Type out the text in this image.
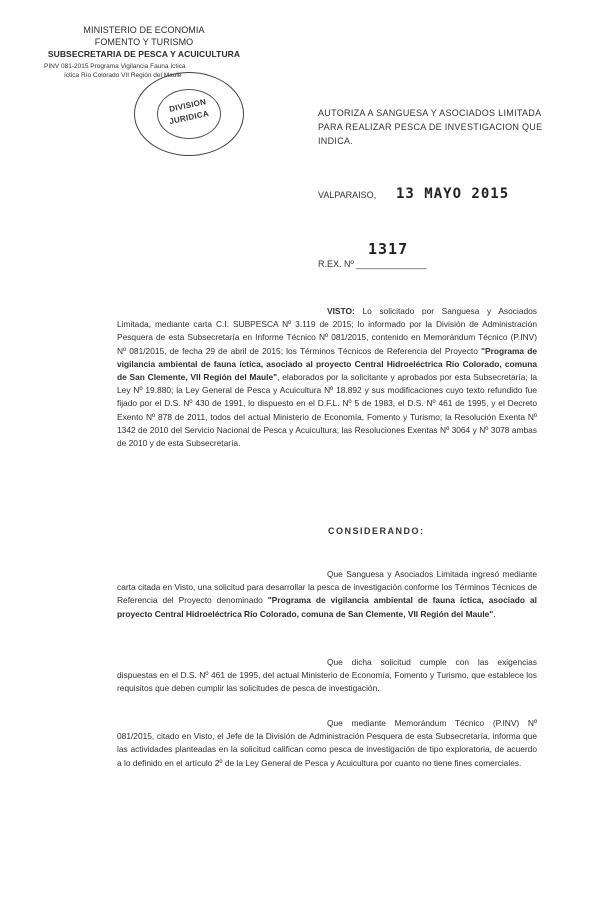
MINISTERIO DE ECONOMIA
FOMENTO Y TURISMO
SUBSECRETARIA DE PESCA Y ACUICULTURA
PINV 081-2015 Programa Vigilancia Fauna íctica
íctica Río Colorado VII Región del Maule
DIVISION
JURIDICA	AUTORIZA A SANGUESA Y ASOCIADOS LIMITADA PARA REALIZAR PESCA DE INVESTIGACION QUE INDICA.
VALPARAISO, 13 MAYO 2015
1317
R.EX. Nº ______________
VISTO: Lo solicitado por Sanguesa y Asociados Limitada, mediante carta C.I. SUBPESCA Nº 3.119 de 2015; lo informado por la División de Administración Pesquera de esta Subsecretaría en Informe Técnico Nº 081/2015, contenido en Memorándum Técnico (P.INV) Nº 081/2015, de fecha 29 de abril de 2015; los Términos Técnicos de Referencia del Proyecto "Programa de vigilancia ambiental de fauna íctica, asociado al proyecto Central Hidroeléctrica Río Colorado, comuna de San Clemente, VII Región del Maule", elaborados por la solicitante y aprobados por esta Subsecretaría; la Ley Nº 19.880; la Ley General de Pesca y Acuicultura Nº 18.892 y sus modificaciones cuyo texto refundido fue fijado por el D.S. Nº 430 de 1991, lo dispuesto en el D.F.L. Nº 5 de 1983, el D.S. Nº 461 de 1995, y el Decreto Exento Nº 878 de 2011, todos del actual Ministerio de Economía, Fomento y Turismo; la Resolución Exenta Nº 1342 de 2010 del Servicio Nacional de Pesca y Acuicultura; las Resoluciones Exentas Nº 3064 y Nº 3078 ambas de 2010 y de esta Subsecretaría.
CONSIDERANDO:
Que Sanguesa y Asociados Limitada ingresó mediante carta citada en Visto, una solicitud para desarrollar la pesca de investigación conforme los Términos Técnicos de Referencia del Proyecto denominado "Programa de vigilancia ambiental de fauna íctica, asociado al proyecto Central Hidroeléctrica Río Colorado, comuna de San Clemente, VII Región del Maule".
Que dicha solicitud cumple con las exigencias dispuestas en el D.S. Nº 461 de 1995, del actual Ministerio de Economía, Fomento y Turismo, que establece los requisitos que deben cumplir las solicitudes de pesca de investigación.
Que mediante Memorándum Técnico (P.INV) Nº 081/2015, citado en Visto, el Jefe de la División de Administración Pesquera de esta Subsecretaría, informa que las actividades planteadas en la solicitud califican como pesca de investigación de tipo exploratoria, de acuerdo a lo definido en el artículo 2º de la Ley General de Pesca y Acuicultura por cuanto no tiene fines comerciales.
